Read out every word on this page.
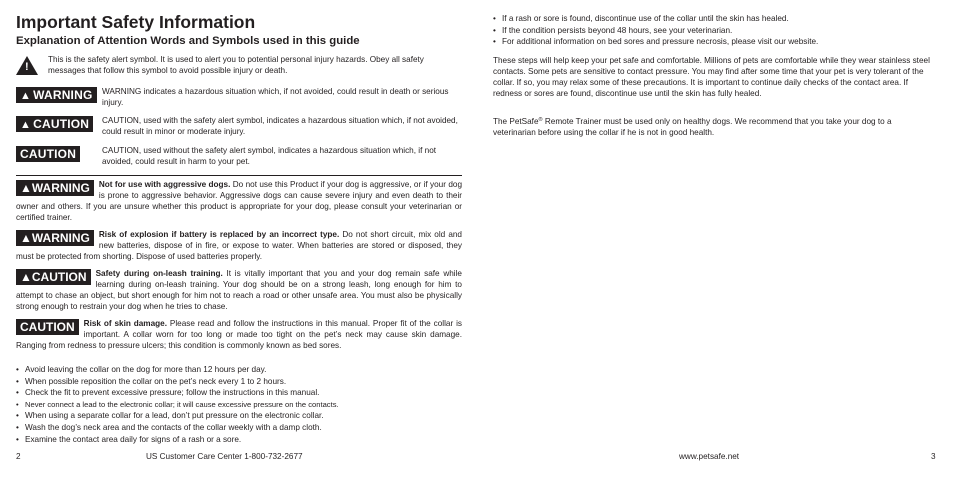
Important Safety Information
Explanation of Attention Words and Symbols used in this guide
!
This is the safety alert symbol. It is used to alert you to potential personal injury hazards. Obey all safety messages that follow this symbol to avoid possible injury or death.
▲ WARNING	WARNING indicates a hazardous situation which, if not avoided, could result in death or serious injury.
▲ CAUTION	CAUTION, used with the safety alert symbol, indicates a hazardous situation which, if not avoided, could result in minor or moderate injury.
CAUTION	CAUTION, used without the safety alert symbol, indicates a hazardous situation which, if not avoided, could result in harm to your pet.
▲WARNING	Not for use with aggressive dogs. Do not use this Product if your dog is aggressive, or if your dog is prone to aggressive behavior. Aggressive dogs can cause severe injury and even death to their owner and others. If you are unsure whether this product is appropriate for your dog, please consult your veterinarian or certified trainer.
▲WARNING	Risk of explosion if battery is replaced by an incorrect type. Do not short circuit, mix old and new batteries, dispose of in fire, or expose to water. When batteries are stored or disposed, they must be protected from shorting. Dispose of used batteries properly.
▲CAUTION	Safety during on-leash training. It is vitally important that you and your dog remain safe while learning during on-leash training. Your dog should be on a strong leash, long enough for him to attempt to chase an object, but short enough for him not to reach a road or other unsafe area. You must also be physically strong enough to restrain your dog when he tries to chase.
CAUTION	Risk of skin damage. Please read and follow the instructions in this manual. Proper fit of the collar is important. A collar worn for too long or made too tight on the pet’s neck may cause skin damage. Ranging from redness to pressure ulcers; this condition is commonly known as bed sores.
• Avoid leaving the collar on the dog for more than 12 hours per day.
• When possible reposition the collar on the pet’s neck every 1 to 2 hours.
• Check the fit to prevent excessive pressure; follow the instructions in this manual.
• Never connect a lead to the electronic collar; it will cause excessive pressure on the contacts.
• When using a separate collar for a lead, don’t put pressure on the electronic collar.
• Wash the dog’s neck area and the contacts of the collar weekly with a damp cloth.
• Examine the contact area daily for signs of a rash or a sore.
2	US Customer Care Center 1-800-732-2677
• If a rash or sore is found, discontinue use of the collar until the skin has healed.
• If the condition persists beyond 48 hours, see your veterinarian.
• For additional information on bed sores and pressure necrosis, please visit our website.
These steps will help keep your pet safe and comfortable. Millions of pets are comfortable while they wear stainless steel contacts. Some pets are sensitive to contact pressure. You may find after some time that your pet is very tolerant of the collar. If so, you may relax some of these precautions. It is important to continue daily checks of the contact area. If redness or sores are found, discontinue use until the skin has fully healed.
The PetSafe® Remote Trainer must be used only on healthy dogs. We recommend that you take your dog to a veterinarian before using the collar if he is not in good health.
www.petsafe.net	3
